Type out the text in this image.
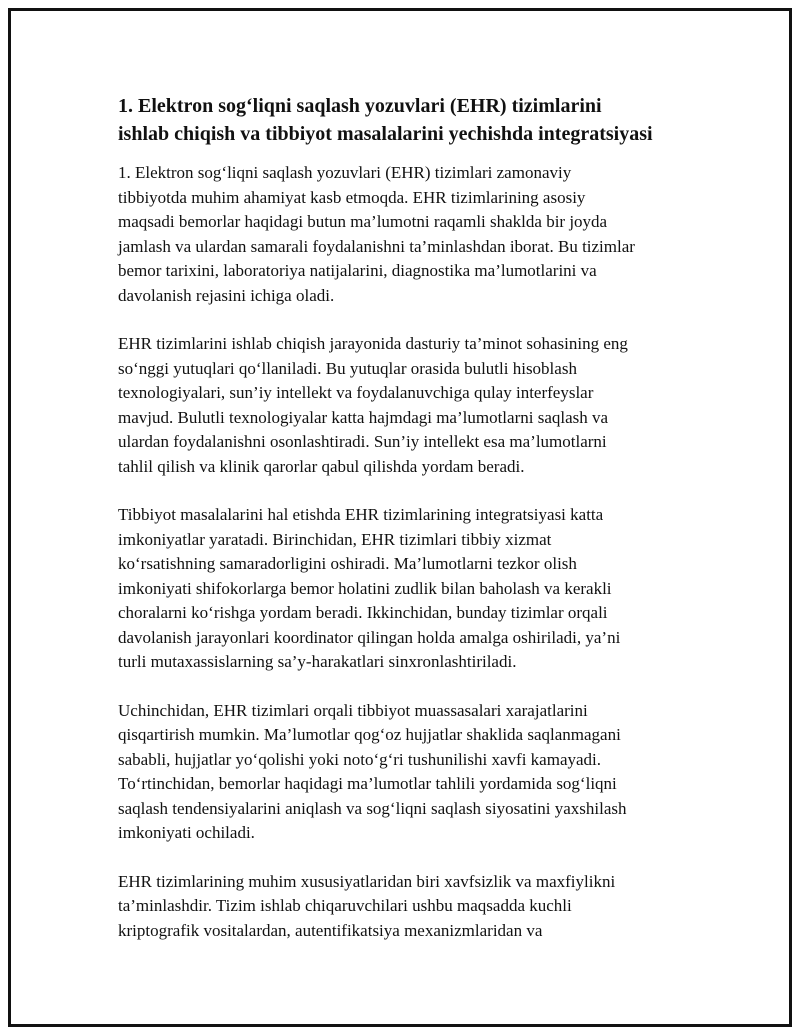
1. Elektron sog‘liqni saqlash yozuvlari (EHR) tizimlarini
ishlab chiqish va tibbiyot masalalarini yechishda integratsiyasi
1. Elektron sog‘liqni saqlash yozuvlari (EHR) tizimlari zamonaviy
tibbiyotda muhim ahamiyat kasb etmoqda. EHR tizimlarining asosiy
maqsadi bemorlar haqidagi butun ma’lumotni raqamli shaklda bir joyda
jamlash va ulardan samarali foydalanishni ta’minlashdan iborat. Bu tizimlar
bemor tarixini, laboratoriya natijalarini, diagnostika ma’lumotlarini va
davolanish rejasini ichiga oladi.
EHR tizimlarini ishlab chiqish jarayonida dasturiy ta’minot sohasining eng
so‘nggi yutuqlari qo‘llaniladi. Bu yutuqlar orasida bulutli hisoblash
texnologiyalari, sun’iy intellekt va foydalanuvchiga qulay interfeyslar
mavjud. Bulutli texnologiyalar katta hajmdagi ma’lumotlarni saqlash va
ulardan foydalanishni osonlashtiradi. Sun’iy intellekt esa ma’lumotlarni
tahlil qilish va klinik qarorlar qabul qilishda yordam beradi.
Tibbiyot masalalarini hal etishda EHR tizimlarining integratsiyasi katta
imkoniyatlar yaratadi. Birinchidan, EHR tizimlari tibbiy xizmat
ko‘rsatishning samaradorligini oshiradi. Ma’lumotlarni tezkor olish
imkoniyati shifokorlarga bemor holatini zudlik bilan baholash va kerakli
choralarni ko‘rishga yordam beradi. Ikkinchidan, bunday tizimlar orqali
davolanish jarayonlari koordinator qilingan holda amalga oshiriladi, ya’ni
turli mutaxassislarning sa’y-harakatlari sinxronlashtiriladi.
Uchinchidan, EHR tizimlari orqali tibbiyot muassasalari xarajatlarini
qisqartirish mumkin. Ma’lumotlar qog‘oz hujjatlar shaklida saqlanmagani
sababli, hujjatlar yo‘qolishi yoki noto‘g‘ri tushunilishi xavfi kamayadi.
To‘rtinchidan, bemorlar haqidagi ma’lumotlar tahlili yordamida sog‘liqni
saqlash tendensiyalarini aniqlash va sog‘liqni saqlash siyosatini yaxshilash
imkoniyati ochiladi.
EHR tizimlarining muhim xususiyatlaridan biri xavfsizlik va maxfiylikni
ta’minlashdir. Tizim ishlab chiqaruvchilari ushbu maqsadda kuchli
kriptografik vositalardan, autentifikatsiya mexanizmlaridan va
